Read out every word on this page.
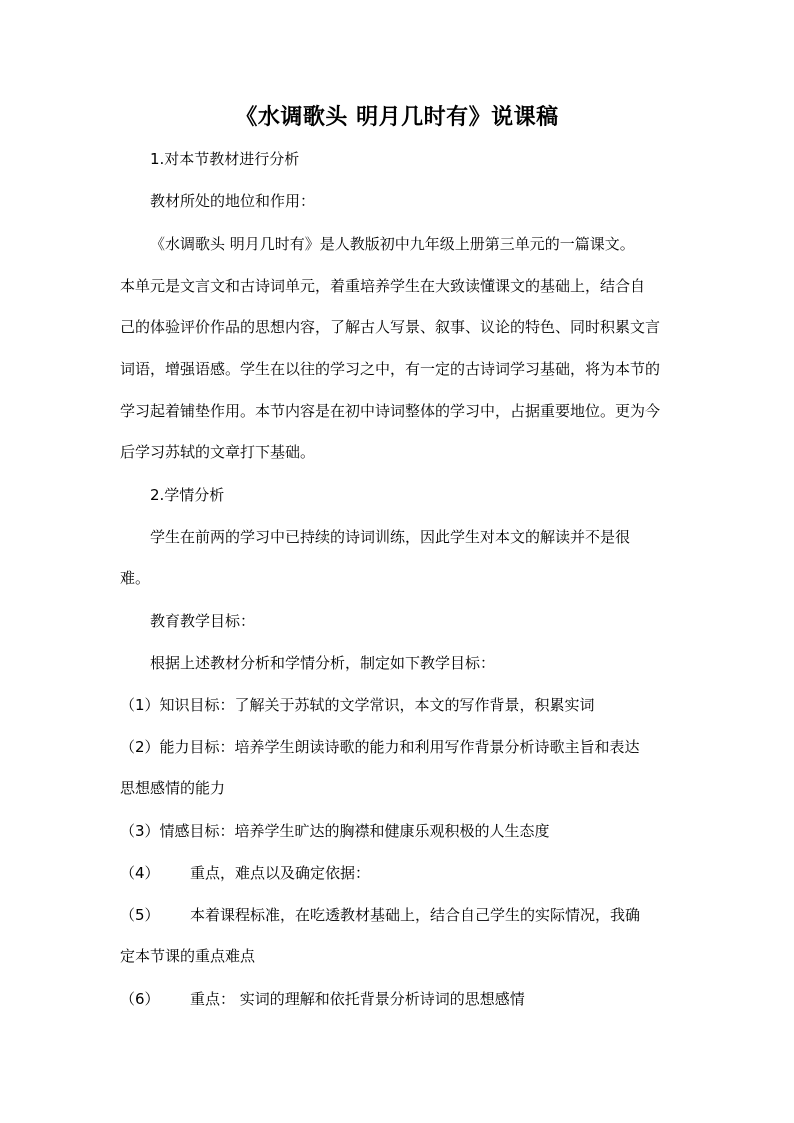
《水调歌头 明月几时有》说课稿
1.对本节教材进行分析
教材所处的地位和作用：
《水调歌头 明月几时有》是人教版初中九年级上册第三单元的一篇课文。
本单元是文言文和古诗词单元，着重培养学生在大致读懂课文的基础上，结合自
己的体验评价作品的思想内容，了解古人写景、叙事、议论的特色、同时积累文言
词语，增强语感。学生在以往的学习之中，有一定的古诗词学习基础，将为本节的
学习起着铺垫作用。本节内容是在初中诗词整体的学习中，占据重要地位。更为今
后学习苏轼的文章打下基础。
2.学情分析
学生在前两的学习中已持续的诗词训练，因此学生对本文的解读并不是很
难。
教育教学目标：
根据上述教材分析和学情分析，制定如下教学目标：
（1）知识目标：了解关于苏轼的文学常识，本文的写作背景，积累实词
（2）能力目标：培养学生朗读诗歌的能力和利用写作背景分析诗歌主旨和表达
思想感情的能力
（3）情感目标：培养学生旷达的胸襟和健康乐观积极的人生态度
（4） 重点，难点以及确定依据：
（5） 本着课程标准，在吃透教材基础上，结合自己学生的实际情况，我确
定本节课的重点难点
（6） 重点： 实词的理解和依托背景分析诗词的思想感情
